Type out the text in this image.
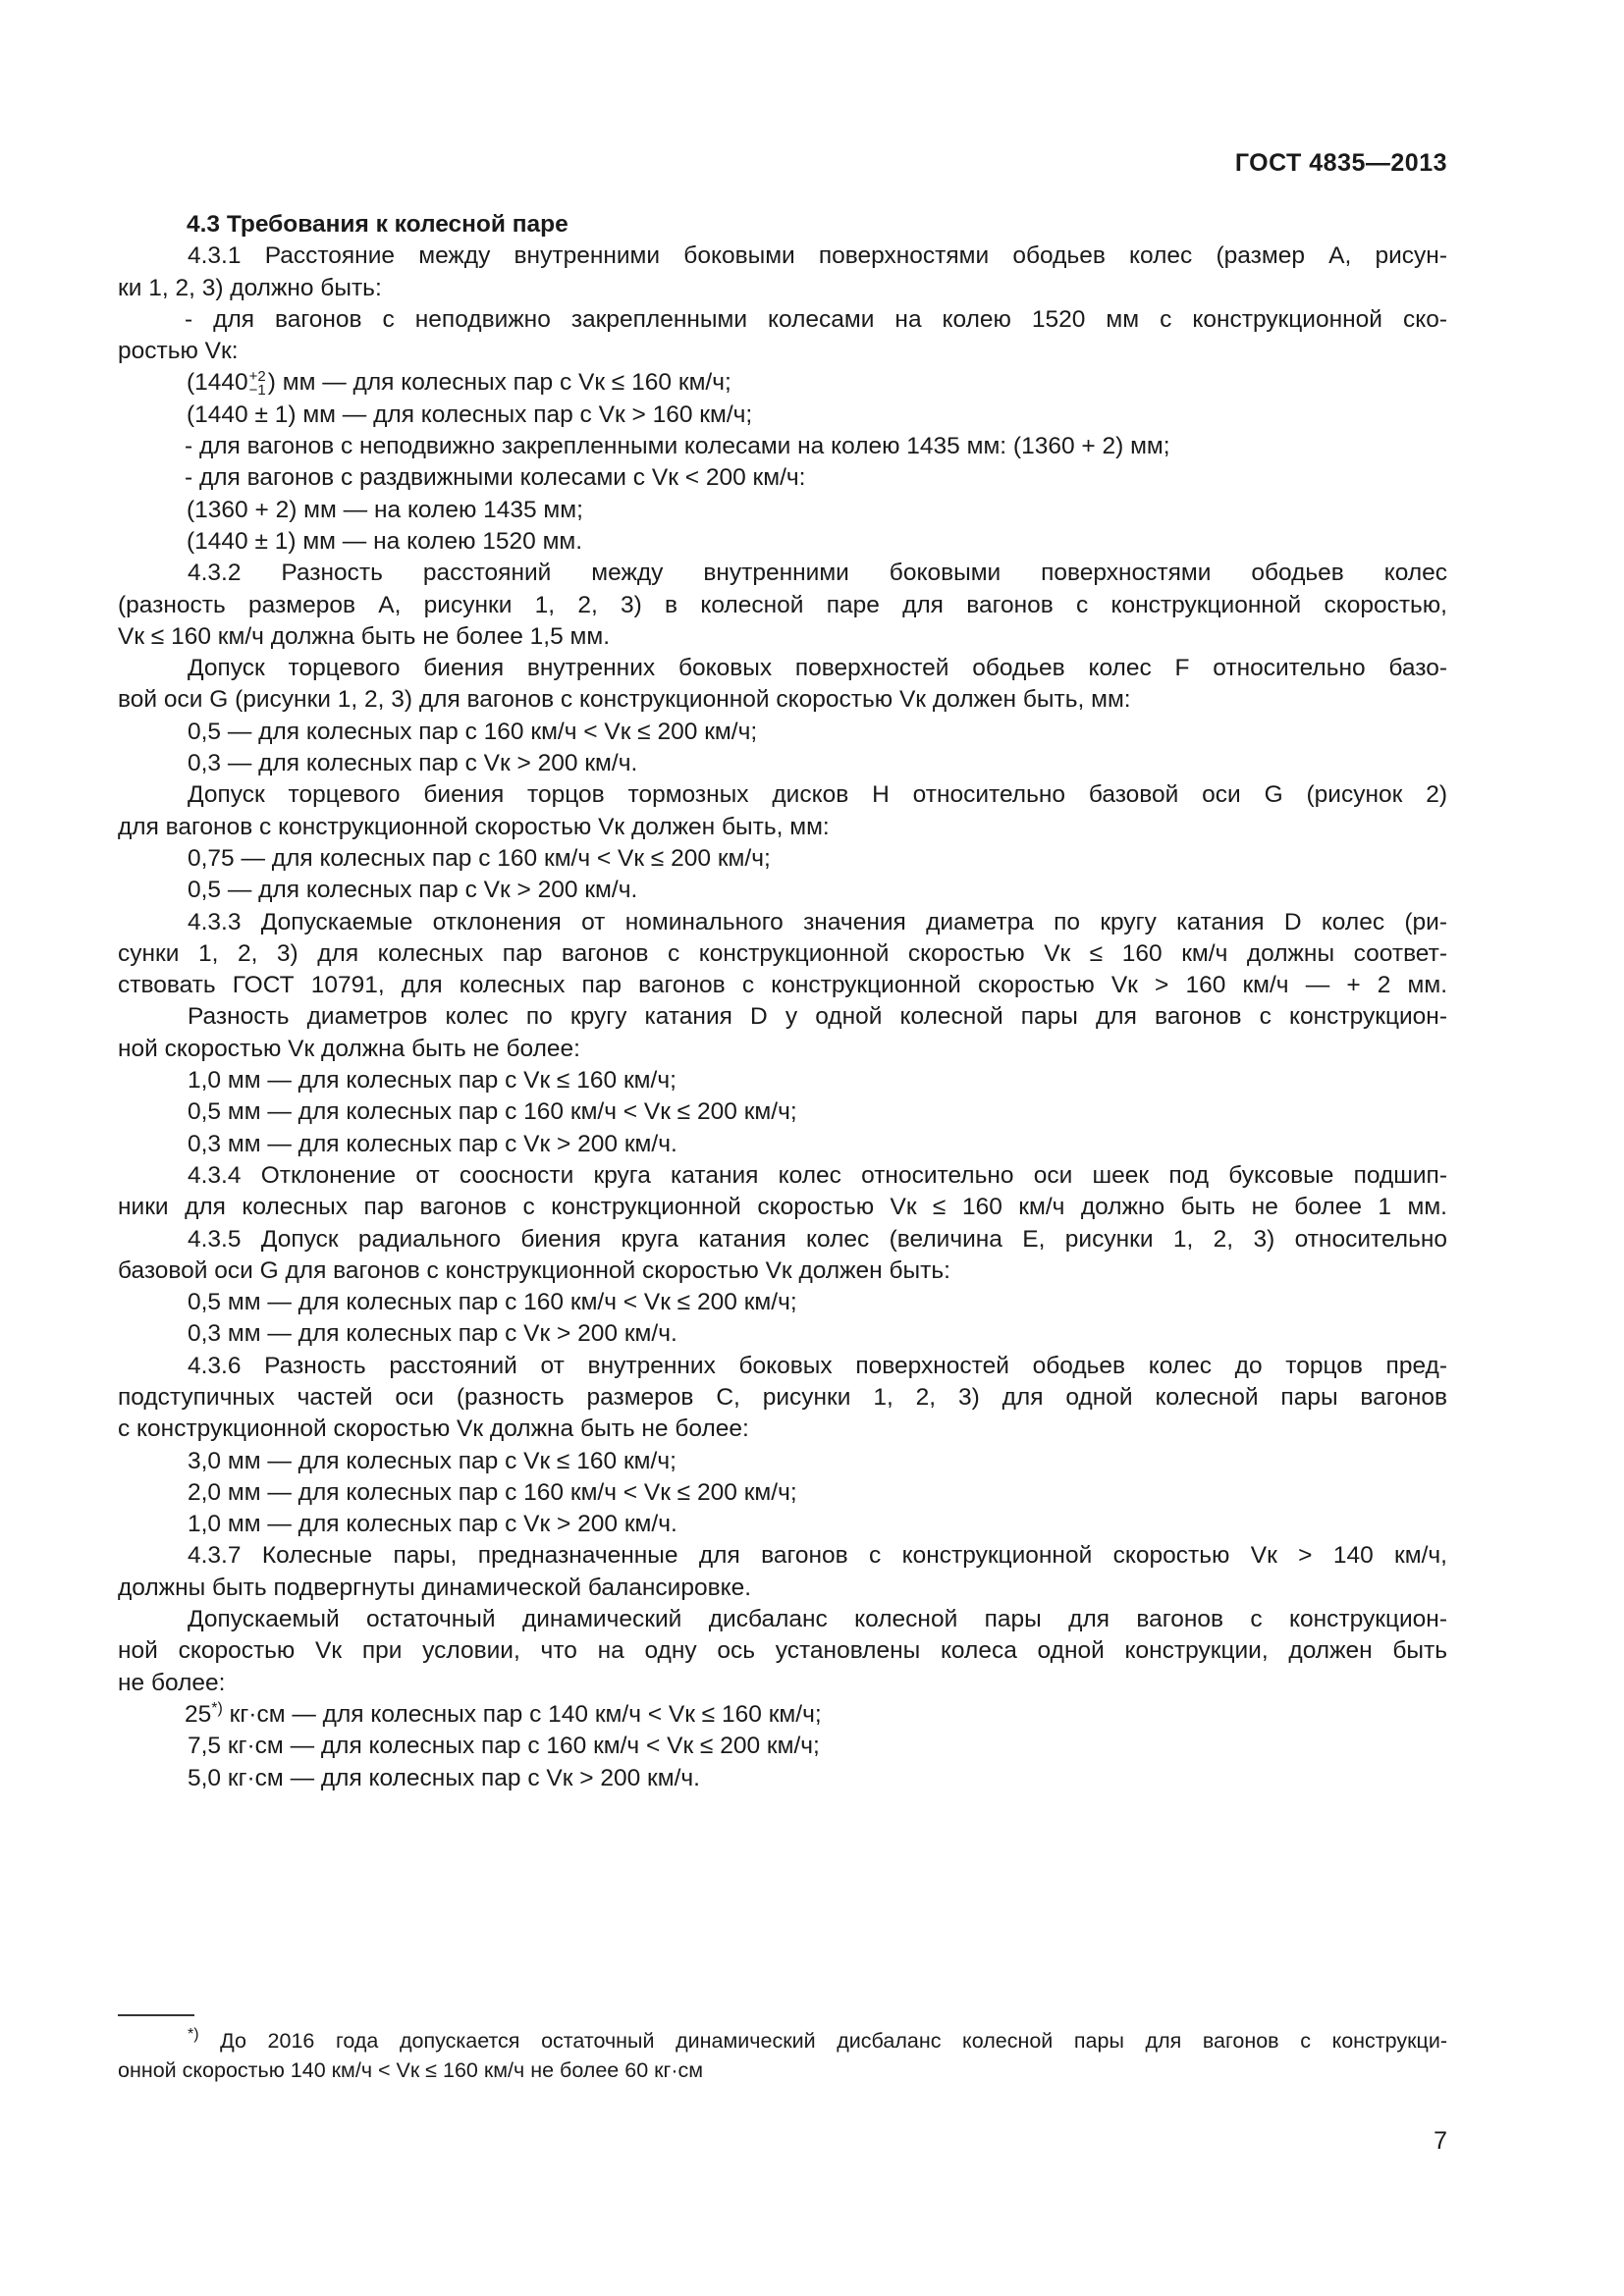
ГОСТ 4835—2013
4.3 Требования к колесной паре
4.3.1 Расстояние между внутренними боковыми поверхностями ободьев колес (размер A, рисун-
ки 1, 2, 3) должно быть:
- для вагонов с неподвижно закрепленными колесами на колею 1520 мм с конструкционной ско-
ростью Vк:
(1440 +2
−1 ) мм — для колесных пар с Vк ≤ 160 км/ч;
(1440 ± 1) мм — для колесных пар с Vк > 160 км/ч;
- для вагонов с неподвижно закрепленными колесами на колею 1435 мм: (1360 + 2) мм;
- для вагонов с раздвижными колесами с Vк < 200 км/ч:
(1360 + 2) мм — на колею 1435 мм;
(1440 ± 1) мм — на колею 1520 мм.
4.3.2 Разность расстояний между внутренними боковыми поверхностями ободьев колес
(разность размеров A, рисунки 1, 2, 3) в колесной паре для вагонов с конструкционной скоростью,
Vк ≤ 160 км/ч должна быть не более 1,5 мм.
Допуск торцевого биения внутренних боковых поверхностей ободьев колес F относительно базо-
вой оси G (рисунки 1, 2, 3) для вагонов с конструкционной скоростью Vк должен быть, мм:
0,5 — для колесных пар с 160 км/ч < Vк ≤ 200 км/ч;
0,3 — для колесных пар с Vк > 200 км/ч.
Допуск торцевого биения торцов тормозных дисков H относительно базовой оси G (рисунок 2)
для вагонов с конструкционной скоростью Vк должен быть, мм:
0,75 — для колесных пар с 160 км/ч < Vк ≤ 200 км/ч;
0,5 — для колесных пар с Vк > 200 км/ч.
4.3.3 Допускаемые отклонения от номинального значения диаметра по кругу катания D колес (ри-
сунки 1, 2, 3) для колесных пар вагонов с конструкционной скоростью Vк ≤ 160 км/ч должны соответ-
ствовать ГОСТ 10791, для колесных пар вагонов с конструкционной скоростью Vк > 160 км/ч — + 2 мм.
Разность диаметров колес по кругу катания D у одной колесной пары для вагонов с конструкцион-
ной скоростью Vк должна быть не более:
1,0 мм — для колесных пар с Vк ≤ 160 км/ч;
0,5 мм — для колесных пар с 160 км/ч < Vк ≤ 200 км/ч;
0,3 мм — для колесных пар с Vк > 200 км/ч.
4.3.4 Отклонение от соосности круга катания колес относительно оси шеек под буксовые подшип-
ники для колесных пар вагонов с конструкционной скоростью Vк ≤ 160 км/ч должно быть не более 1 мм.
4.3.5 Допуск радиального биения круга катания колес (величина E, рисунки 1, 2, 3) относительно
базовой оси G для вагонов с конструкционной скоростью Vк должен быть:
0,5 мм — для колесных пар с 160 км/ч < Vк ≤ 200 км/ч;
0,3 мм — для колесных пар с Vк > 200 км/ч.
4.3.6 Разность расстояний от внутренних боковых поверхностей ободьев колес до торцов пред-
подступичных частей оси (разность размеров C, рисунки 1, 2, 3) для одной колесной пары вагонов
с конструкционной скоростью Vк должна быть не более:
3,0 мм — для колесных пар с Vк ≤ 160 км/ч;
2,0 мм — для колесных пар с 160 км/ч < Vк ≤ 200 км/ч;
1,0 мм — для колесных пар с Vк > 200 км/ч.
4.3.7 Колесные пары, предназначенные для вагонов с конструкционной скоростью Vк > 140 км/ч,
должны быть подвергнуты динамической балансировке.
Допускаемый остаточный динамический дисбаланс колесной пары для вагонов с конструкцион-
ной скоростью Vк при условии, что на одну ось установлены колеса одной конструкции, должен быть
не более:
25*) кг·см — для колесных пар с 140 км/ч < Vк ≤ 160 км/ч;
7,5 кг·см — для колесных пар с 160 км/ч < Vк ≤ 200 км/ч;
5,0 кг·см — для колесных пар с Vк > 200 км/ч.
*) До 2016 года допускается остаточный динамический дисбаланс колесной пары для вагонов с конструкци-
онной скоростью 140 км/ч < Vк ≤ 160 км/ч не более 60 кг·см
7
